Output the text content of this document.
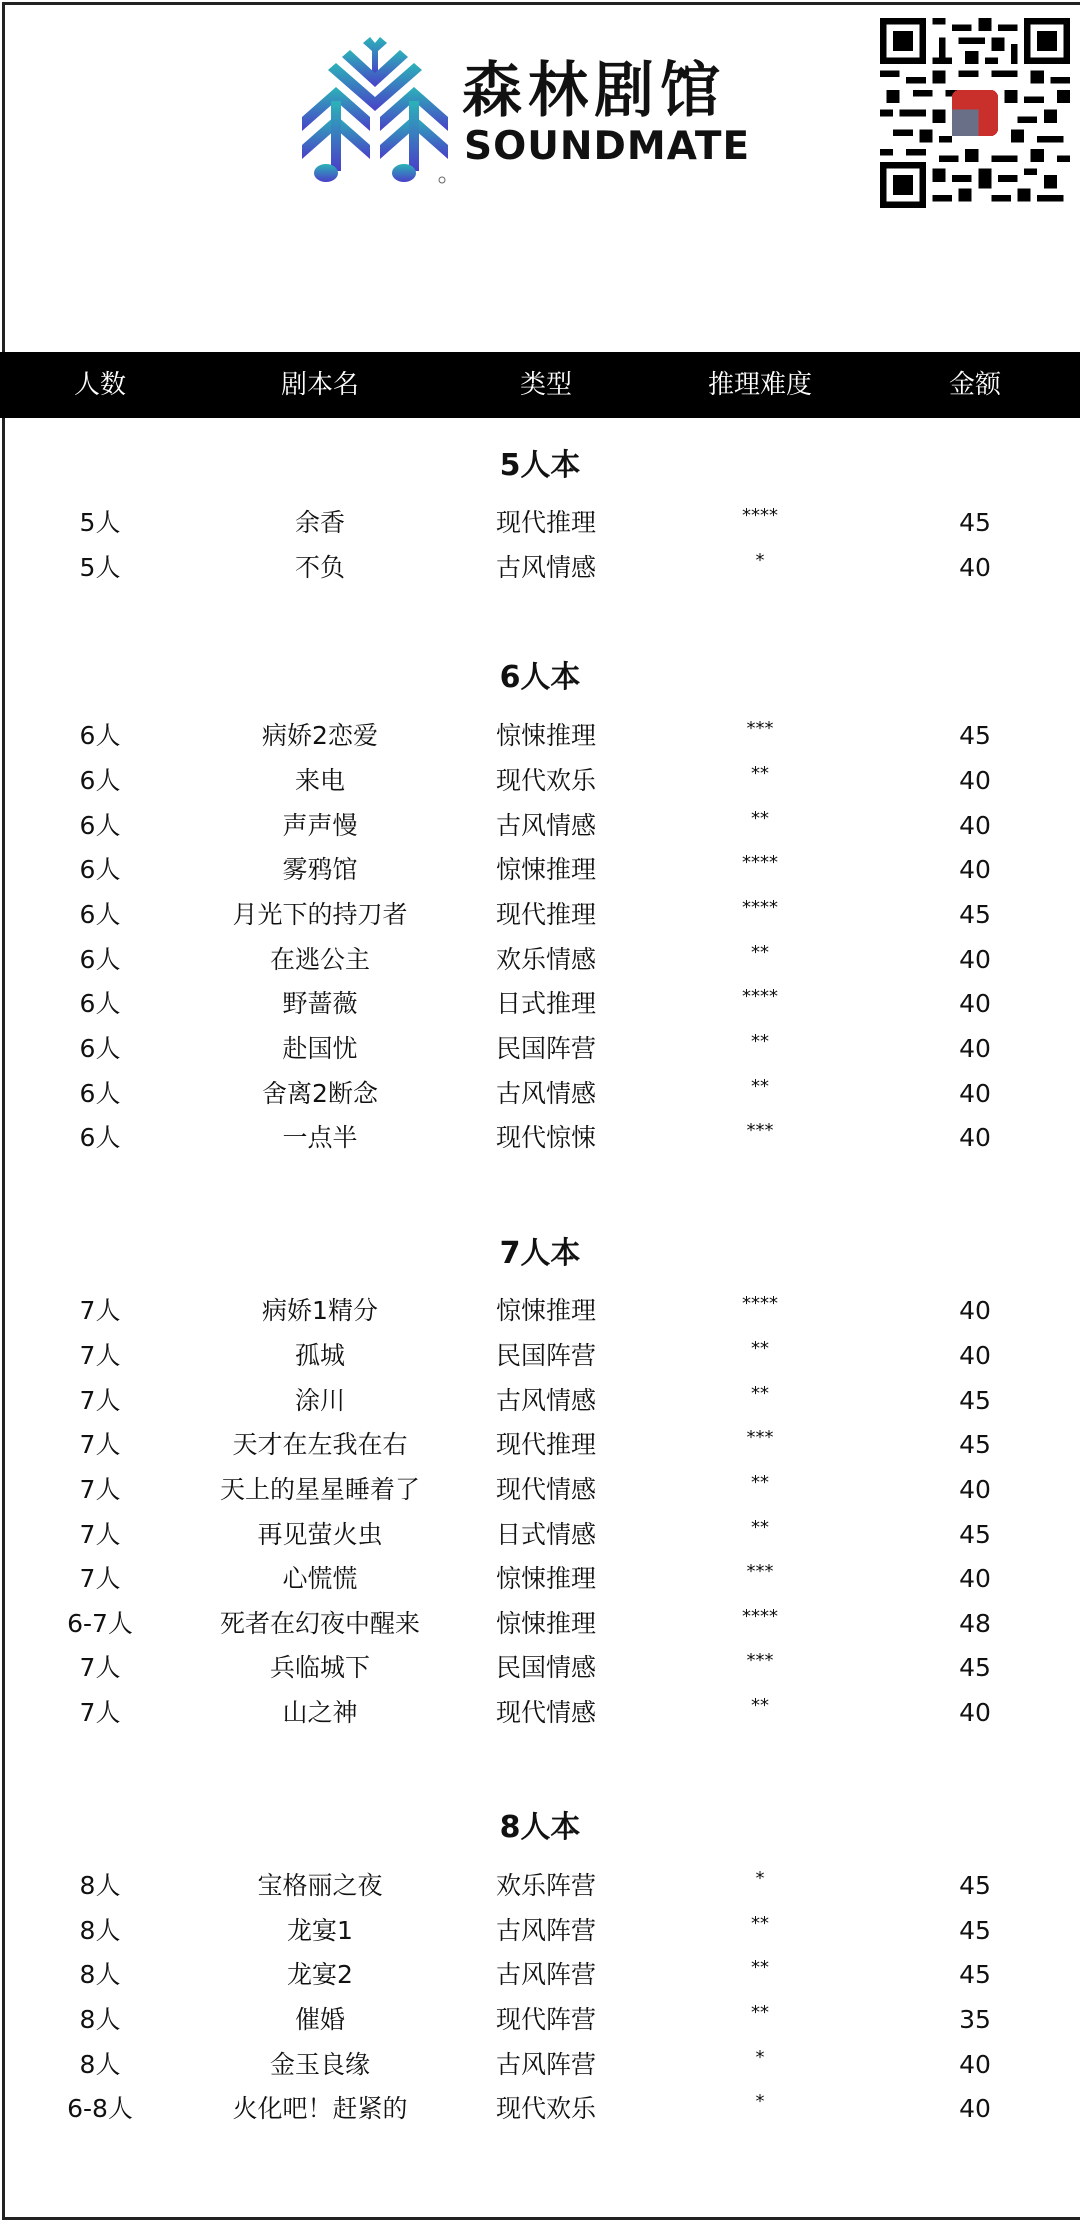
森林剧馆
SOUNDMATE
人数	剧本名	类型	推理难度	金额
5人本
5人	余香	现代推理	****	45
5人	不负	古风情感	*	40
6人本
6人	病娇2恋爱	惊悚推理	***	45
6人	来电	现代欢乐	**	40
6人	声声慢	古风情感	**	40
6人	雾鸦馆	惊悚推理	****	40
6人	月光下的持刀者	现代推理	****	45
6人	在逃公主	欢乐情感	**	40
6人	野蔷薇	日式推理	****	40
6人	赴国忧	民国阵营	**	40
6人	舍离2断念	古风情感	**	40
6人	一点半	现代惊悚	***	40
7人本
7人	病娇1精分	惊悚推理	****	40
7人	孤城	民国阵营	**	40
7人	涂川	古风情感	**	45
7人	天才在左我在右	现代推理	***	45
7人	天上的星星睡着了	现代情感	**	40
7人	再见萤火虫	日式情感	**	45
7人	心慌慌	惊悚推理	***	40
6-7人	死者在幻夜中醒来	惊悚推理	****	48
7人	兵临城下	民国情感	***	45
7人	山之神	现代情感	**	40
8人本
8人	宝格丽之夜	欢乐阵营	*	45
8人	龙宴1	古风阵营	**	45
8人	龙宴2	古风阵营	**	45
8人	催婚	现代阵营	**	35
8人	金玉良缘	古风阵营	*	40
6-8人	火化吧！赶紧的	现代欢乐	*	40
